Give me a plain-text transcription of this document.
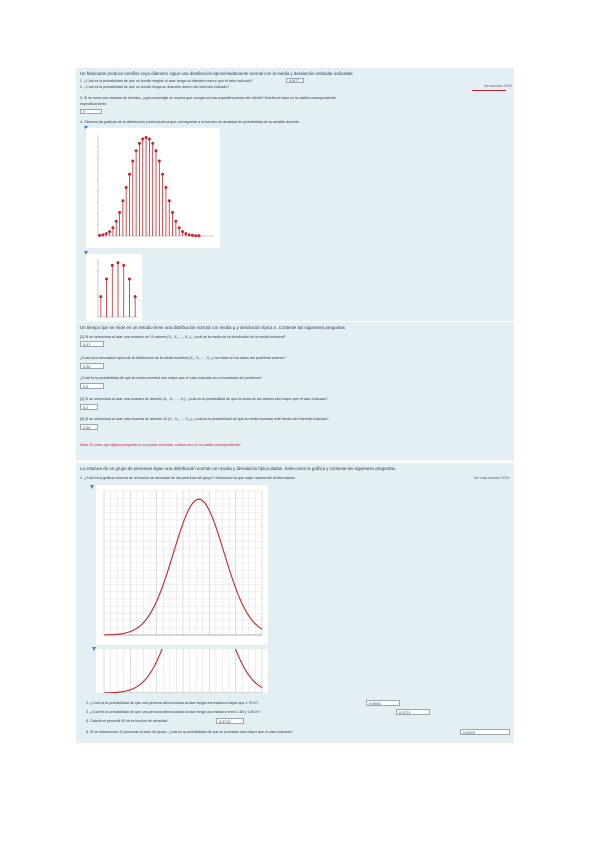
Un fabricante produce tornillos cuyo diámetro sigue una distribución aproximadamente normal con la media y desviación estándar indicadas
1. ¿Cuál es la probabilidad de que un tornillo elegido al azar tenga un diámetro menor que el valor indicado?	0.0977
2. ¿Cuál es la probabilidad de que un tornillo tenga un diámetro dentro del intervalo indicado?	Ver sección 2019
3. Si se toma una muestra de tornillos, ¿qué porcentaje se espera que cumpla con las especificaciones del cliente? Escriba el valor en la casilla correspondiente
especificaciones
0
4. Observe las gráficas de la distribución y seleccione la que corresponde a la función de densidad de probabilidad de la variable descrita
Un tiempo que se mide en un estudio tiene una distribución normal con media μ y desviación típica σ. Conteste las siguientes preguntas
[1] Si se selecciona al azar una muestra de 10 valores (X₁, X₂, ..., X₁₀), ¿cuál es la media de la distribución de la media muestral?
0.07
¿Cuál es la desviación típica de la distribución de la media muestral (X₁, X₂, ..., X₁₀) con base en los datos del problema anterior?
0.04
¿Cuál es la probabilidad de que la media muestral sea mayor que el valor indicado en el enunciado del problema?
0.0
[4] Si se selecciona al azar una muestra de tamaño (X₁, X₂, ..., X₄), ¿cuál es la probabilidad de que la suma de los valores sea mayor que el valor indicado?
0.2
[5] Si se selecciona al azar otra muestra de tamaño 16 (X₁, X₂, ..., X₁₆), ¿cuál es la probabilidad de que la media muestral esté dentro del intervalo indicado?
0.04
Nota: Si crees que alguna pregunta no se puede contestar, coloca cero en la casilla correspondiente.
La estatura de un grupo de personas sigue una distribución normal con media y desviación típica dadas. Seleccione la gráfica y conteste las siguientes preguntas.
1. ¿Cuál es la gráfica correcta de la función de densidad de las personas del grupo? Seleccione la que mejor represente la información	Ver más sección 2019
2. ¿Cuál es la probabilidad de que una persona seleccionada al azar tenga una estatura mayor que 1.75 m?	0.9656
3. ¿Cuál es la probabilidad de que una persona seleccionada al azar tenga una estatura entre 1.65 y 1.80 m?	0.0271
4. Calcule el percentil 90 de la función de densidad	0.0710
5. Si se seleccionan 10 personas al azar del grupo, ¿cuál es la probabilidad de que su promedio sea mayor que el valor indicado?	0.0003
